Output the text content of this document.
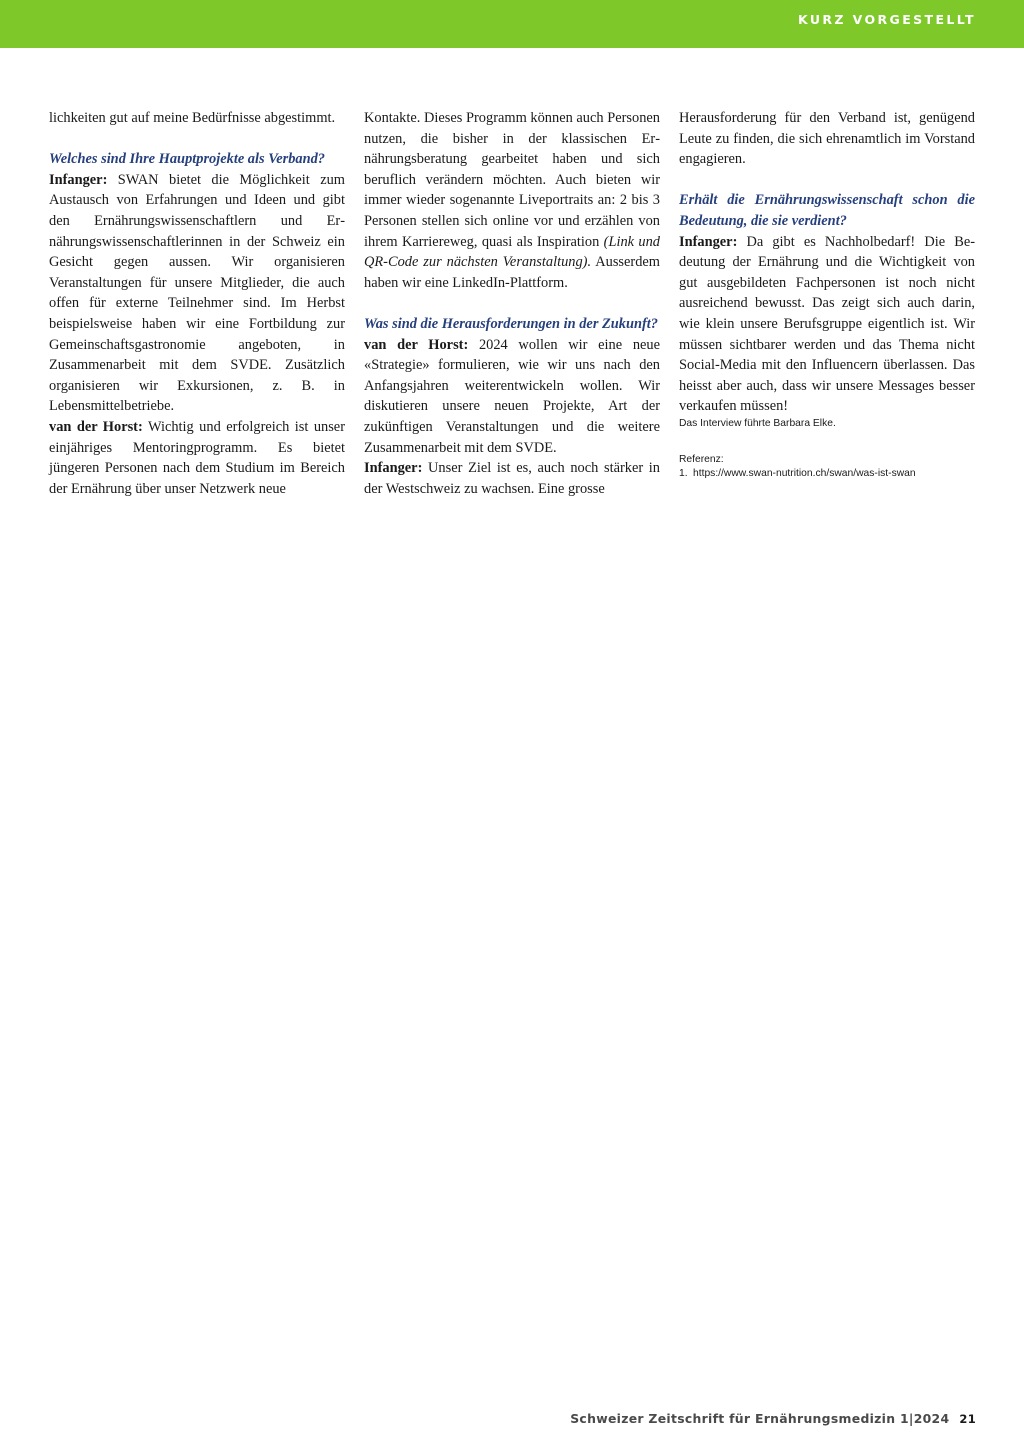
KURZ VORGESTELLT

lichkeiten gut auf meine Bedürfnisse abgestimmt.

Welches sind Ihre Hauptprojekte als Verband?

Infanger: SWAN bietet die Möglichkeit zum Austausch von Erfahrungen und Ideen und gibt den Ernährungswissenschaftlern und Ernährungswissenschaftlerinnen in der Schweiz ein Gesicht gegen aussen. Wir organisieren Veranstaltungen für unsere Mitglieder, die auch offen für externe Teilnehmer sind. Im Herbst beispielsweise haben wir eine Fortbildung zur Gemeinschaftsgastronomie angeboten, in Zusammenarbeit mit dem SVDE. Zusätzlich organisieren wir Exkursionen, z. B. in Lebensmittelbetriebe.

van der Horst: Wichtig und erfolgreich ist unser einjähriges Mentoringprogramm. Es bietet jüngeren Personen nach dem Studium im Bereich der Ernährung über unser Netzwerk neue

Kontakte. Dieses Programm können auch Personen nutzen, die bisher in der klassischen Ernährungsberatung gearbeitet haben und sich beruflich verändern möchten. Auch bieten wir immer wieder sogenannte Liveportraits an: 2 bis 3 Personen stellen sich online vor und erzählen von ihrem Karriereweg, quasi als Inspiration (Link und QR-Code zur nächsten Veranstaltung). Ausserdem haben wir eine LinkedIn-Plattform.

Was sind die Herausforderungen in der Zukunft?

van der Horst: 2024 wollen wir eine neue «Strategie» formulieren, wie wir uns nach den Anfangsjahren weiterentwickeln wollen. Wir diskutieren unsere neuen Projekte, Art der zukünftigen Veranstaltungen und die weitere Zusammenarbeit mit dem SVDE.

Infanger: Unser Ziel ist es, auch noch stärker in der Westschweiz zu wachsen. Eine grosse

Herausforderung für den Verband ist, genügend Leute zu finden, die sich ehrenamtlich im Vorstand engagieren.

Erhält die Ernährungswissenschaft schon die Bedeutung, die sie verdient?

Infanger: Da gibt es Nachholbedarf! Die Bedeutung der Ernährung und die Wichtigkeit von gut ausgebildeten Fachpersonen ist noch nicht ausreichend bewusst. Das zeigt sich auch darin, wie klein unsere Berufsgruppe eigentlich ist. Wir müssen sichtbarer werden und das Thema nicht Social-Media mit den Influencern überlassen. Das heisst aber auch, dass wir unsere Messages besser verkaufen müssen!

Das Interview führte Barbara Elke.

Referenz:
1. https://www.swan-nutrition.ch/swan/was-ist-swan
Schweizer Zeitschrift für Ernährungsmedizin 1|2024 21
